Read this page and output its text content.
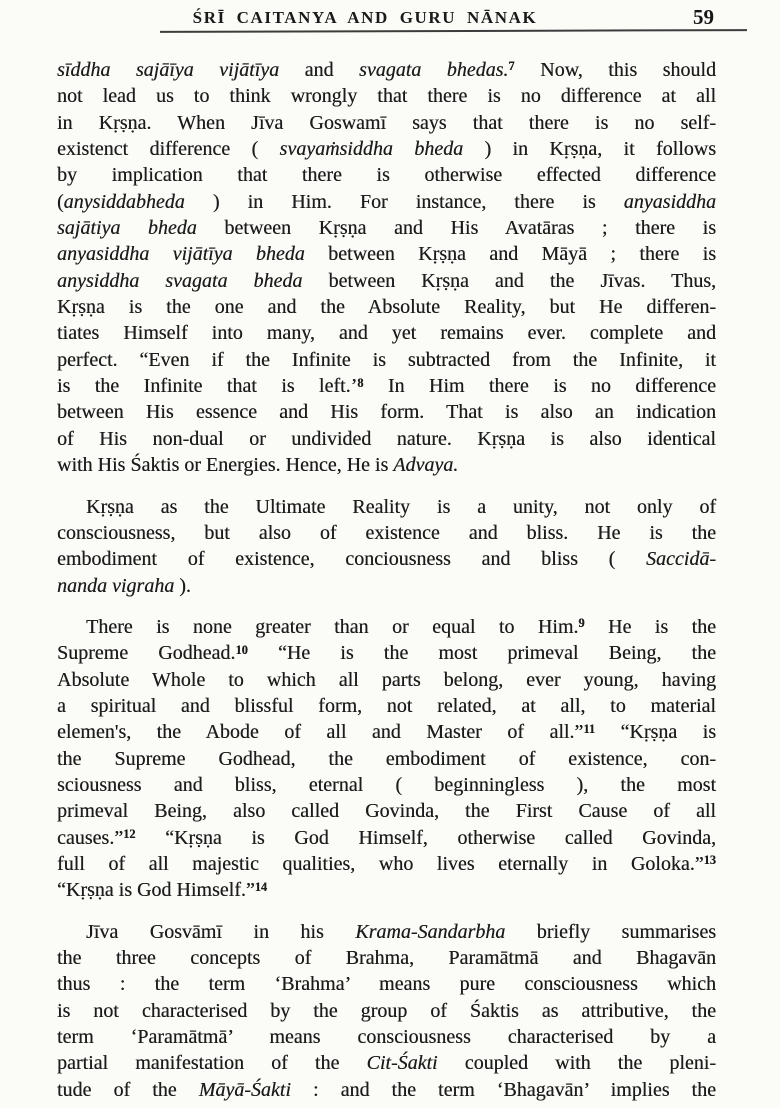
ŚRĪ CAITANYA AND GURU NĀNAK	59
sīddha sajāīya vijātīya and svagata bhedas.$^7$ Now, this should
not lead us to think wrongly that there is no difference at all
in Kṛṣṇa. When Jīva Goswamī says that there is no self-
existenct difference ( svayaṁsiddha bheda ) in Kṛṣṇa, it follows
by implication that there is otherwise effected difference
(anysiddabheda ) in Him. For instance, there is anyasiddha
sajātiya bheda between Kṛṣṇa and His Avatāras ; there is
anyasiddha vijātīya bheda between Kṛṣṇa and Māyā ; there is
anysiddha svagata bheda between Kṛṣṇa and the Jīvas. Thus,
Kṛṣṇa is the one and the Absolute Reality, but He differen-
tiates Himself into many, and yet remains ever. complete and
perfect. “Even if the Infinite is subtracted from the Infinite, it
is the Infinite that is left.’$^8$ In Him there is no difference
between His essence and His form. That is also an indication
of His non-dual or undivided nature. Kṛṣṇa is also identical
with His Śaktis or Energies. Hence, He is Advaya.
Kṛṣṇa as the Ultimate Reality is a unity, not only of
consciousness, but also of existence and bliss. He is the
embodiment of existence, conciousness and bliss ( Saccidā-
nanda vigraha ).
There is none greater than or equal to Him.$^9$ He is the
Supreme Godhead.$^{10}$ “He is the most primeval Being, the
Absolute Whole to which all parts belong, ever young, having
a spiritual and blissful form, not related, at all, to material
elemen's, the Abode of all and Master of all.”$^{11}$ “Kṛṣṇa is
the Supreme Godhead, the embodiment of existence, con-
sciousness and bliss, eternal ( beginningless ), the most
primeval Being, also called Govinda, the First Cause of all
causes.”$^{12}$ “Kṛṣṇa is God Himself, otherwise called Govinda,
full of all majestic qualities, who lives eternally in Goloka.”$^{13}$
“Kṛṣṇa is God Himself.”$^{14}$
Jīva Gosvāmī in his Krama-Sandarbha briefly summarises
the three concepts of Brahma, Paramātmā and Bhagavān
thus : the term ‘Brahma’ means pure consciousness which
is not characterised by the group of Śaktis as attributive, the
term ‘Paramātmā’ means consciousness characterised by a
partial manifestation of the Cit-Śakti coupled with the pleni-
tude of the Māyā-Śakti : and the term ‘Bhagavān’ implies the
